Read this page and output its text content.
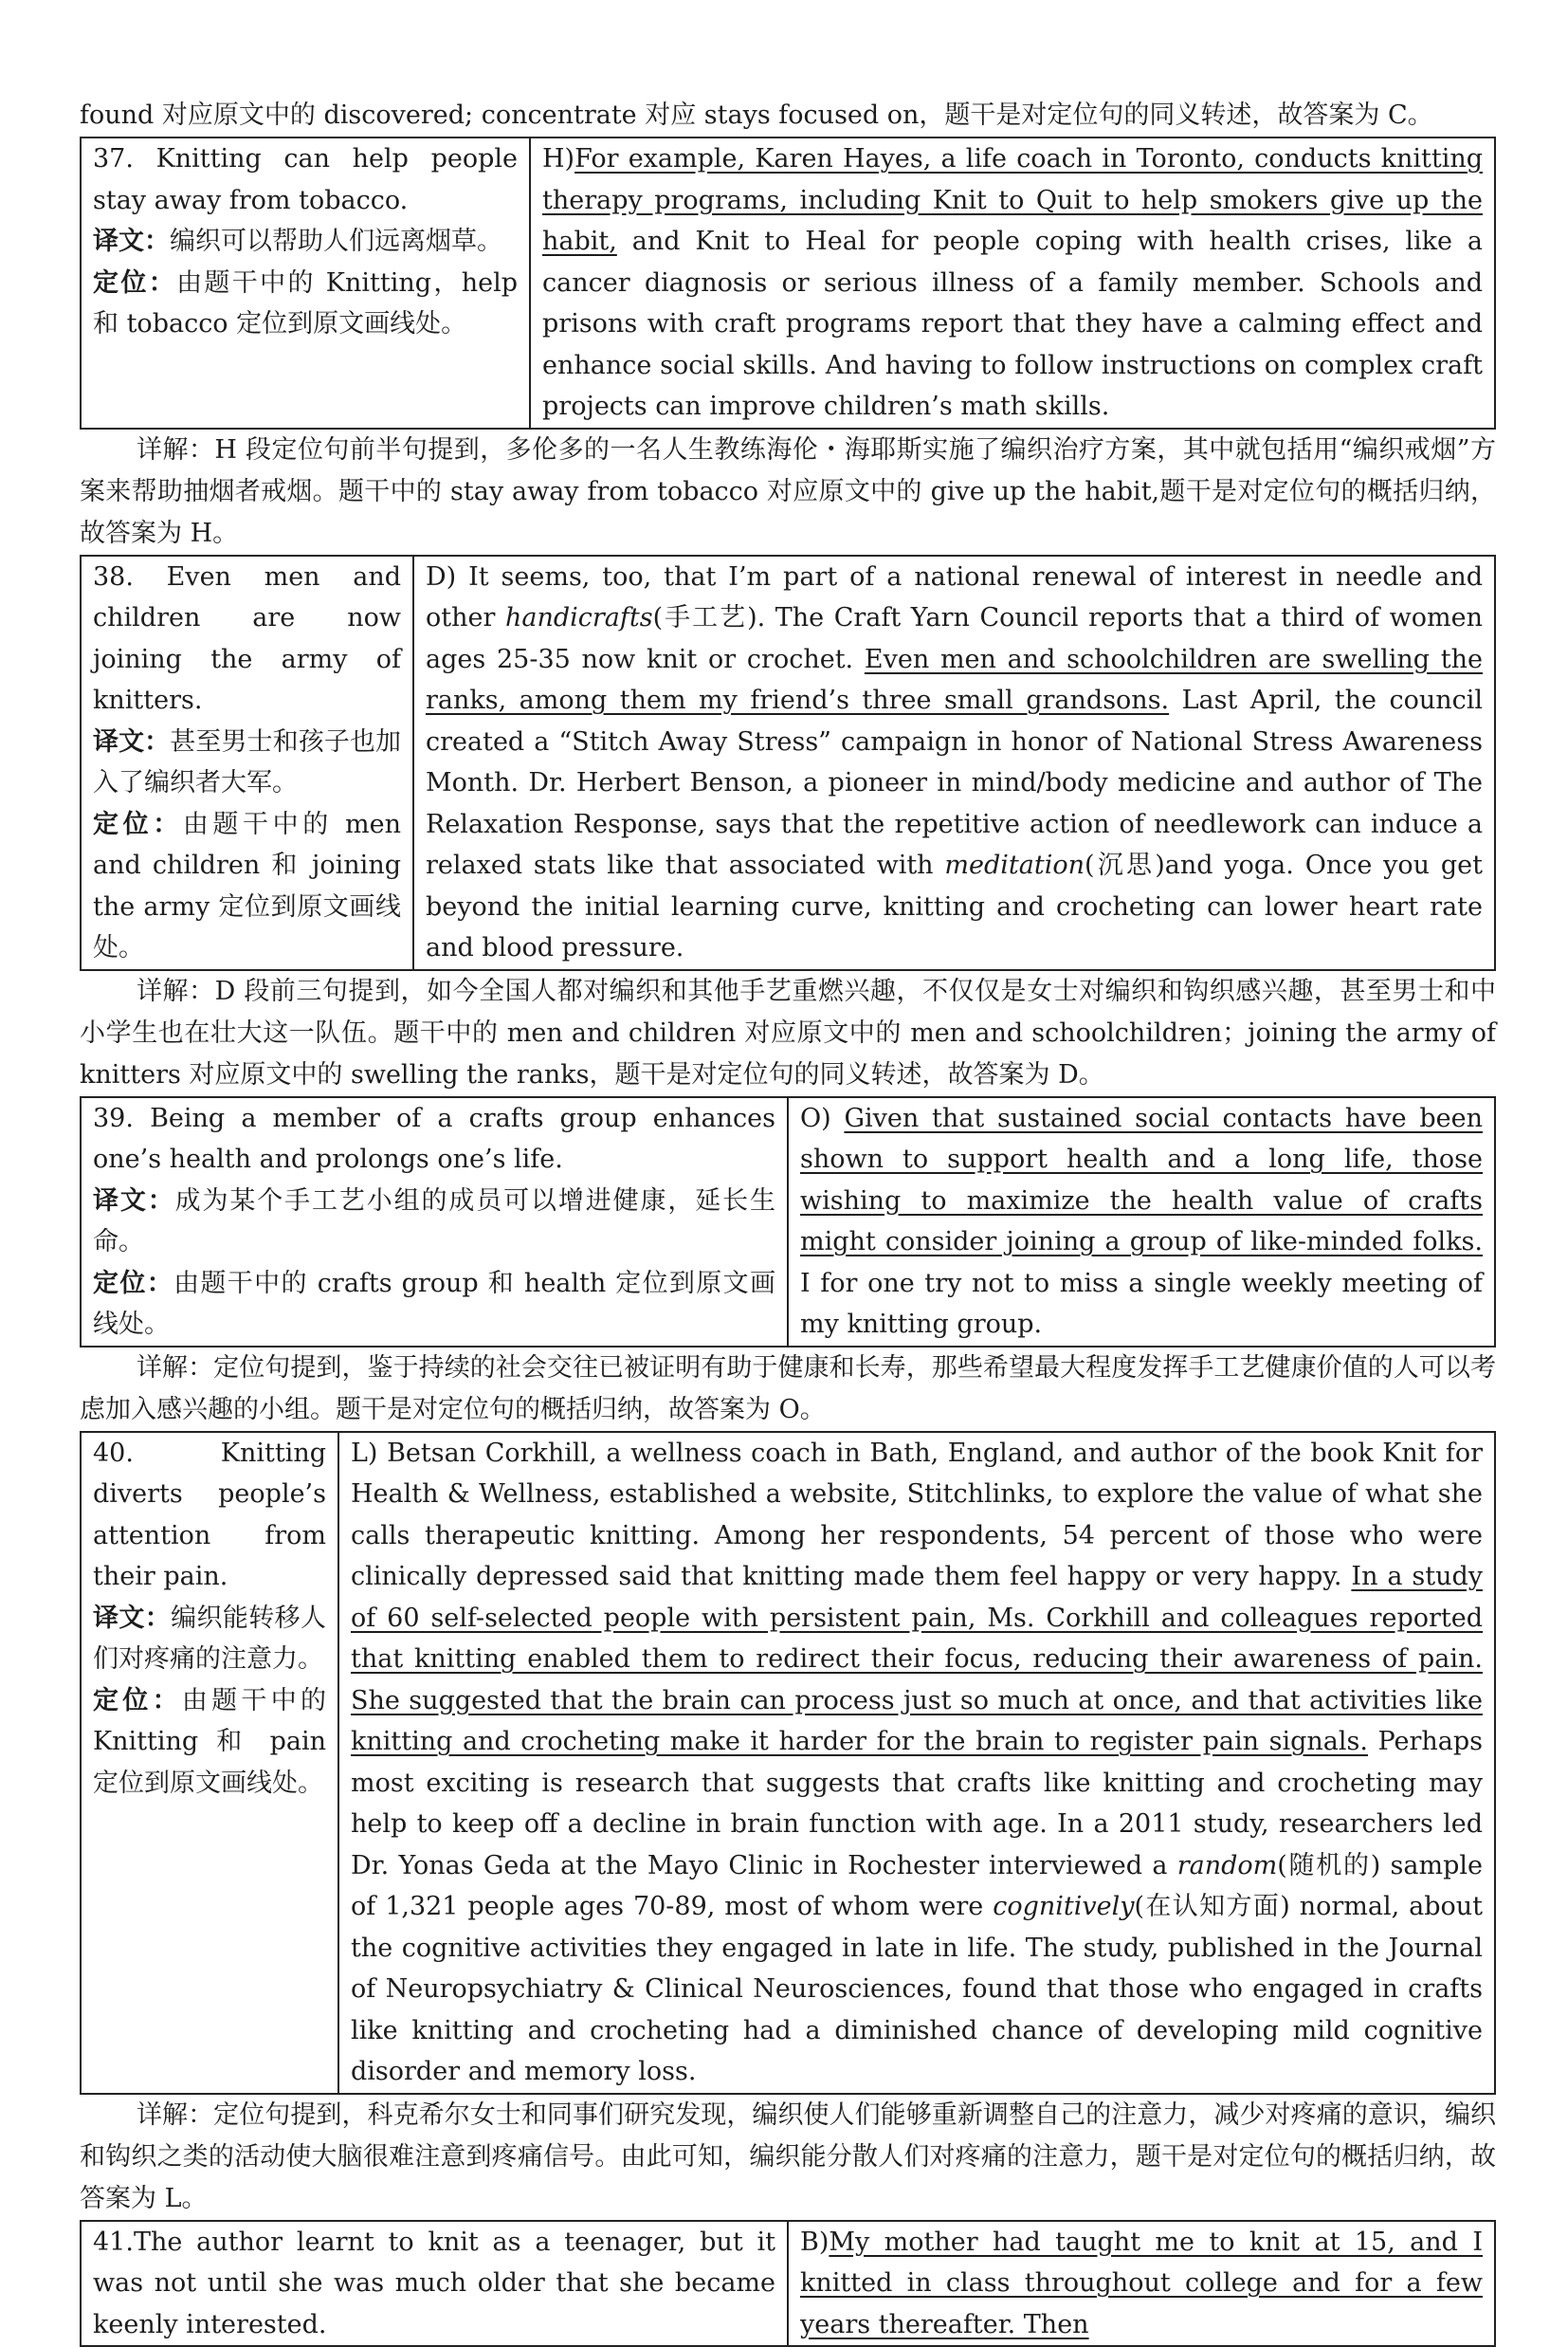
found 对应原文中的 discovered; concentrate 对应 stays focused on，题干是对定位句的同义转述，故答案为 C。
37. Knitting can help people stay away from tobacco.
译文：编织可以帮助人们远离烟草。
定位：由题干中的 Knitting，help 和 tobacco 定位到原文画线处。
	H)For example, Karen Hayes, a life coach in Toronto, conducts knitting therapy programs, including Knit to Quit to help smokers give up the habit, and Knit to Heal for people coping with health crises, like a cancer diagnosis or serious illness of a family member. Schools and prisons with craft programs report that they have a calming effect and enhance social skills. And having to follow instructions on complex craft projects can improve children’s math skills.
详解：H 段定位句前半句提到，多伦多的一名人生教练海伦・海耶斯实施了编织治疗方案，其中就包括用“编织戒烟”方案来帮助抽烟者戒烟。题干中的 stay away from tobacco 对应原文中的 give up the habit,题干是对定位句的概括归纳，故答案为 H。
38. Even men and children are now joining the army of knitters.
译文：甚至男士和孩子也加入了编织者大军。
定位：由题干中的 men and children 和 joining the army 定位到原文画线处。
	D) It seems, too, that I’m part of a national renewal of interest in needle and other handicrafts(手工艺). The Craft Yarn Council reports that a third of women ages 25-35 now knit or crochet. Even men and schoolchildren are swelling the ranks, among them my friend’s three small grandsons. Last April, the council created a “Stitch Away Stress” campaign in honor of National Stress Awareness Month. Dr. Herbert Benson, a pioneer in mind/body medicine and author of The Relaxation Response, says that the repetitive action of needlework can induce a relaxed stats like that associated with meditation(沉思)and yoga. Once you get beyond the initial learning curve, knitting and crocheting can lower heart rate and blood pressure.
详解：D 段前三句提到，如今全国人都对编织和其他手艺重燃兴趣，不仅仅是女士对编织和钩织感兴趣，甚至男士和中小学生也在壮大这一队伍。题干中的 men and children 对应原文中的 men and schoolchildren；joining the army of knitters 对应原文中的 swelling the ranks，题干是对定位句的同义转述，故答案为 D。
39. Being a member of a crafts group enhances one’s health and prolongs one’s life.
译文：成为某个手工艺小组的成员可以增进健康，延长生命。
定位：由题干中的 crafts group 和 health 定位到原文画线处。
	O) Given that sustained social contacts have been shown to support health and a long life, those wishing to maximize the health value of crafts might consider joining a group of like-minded folks. I for one try not to miss a single weekly meeting of my knitting group.
详解：定位句提到，鉴于持续的社会交往已被证明有助于健康和长寿，那些希望最大程度发挥手工艺健康价值的人可以考虑加入感兴趣的小组。题干是对定位句的概括归纳，故答案为 O。
40. Knitting diverts people’s attention from their pain.
译文：编织能转移人们对疼痛的注意力。
定位：由题干中的 Knitting 和 pain 定位到原文画线处。
	L) Betsan Corkhill, a wellness coach in Bath, England, and author of the book Knit for Health & Wellness, established a website, Stitchlinks, to explore the value of what she calls therapeutic knitting. Among her respondents, 54 percent of those who were clinically depressed said that knitting made them feel happy or very happy. In a study of 60 self-selected people with persistent pain, Ms. Corkhill and colleagues reported that knitting enabled them to redirect their focus, reducing their awareness of pain. She suggested that the brain can process just so much at once, and that activities like knitting and crocheting make it harder for the brain to register pain signals. Perhaps most exciting is research that suggests that crafts like knitting and crocheting may help to keep off a decline in brain function with age. In a 2011 study, researchers led Dr. Yonas Geda at the Mayo Clinic in Rochester interviewed a random(随机的) sample of 1,321 people ages 70-89, most of whom were cognitively(在认知方面) normal, about the cognitive activities they engaged in late in life. The study, published in the Journal of Neuropsychiatry & Clinical Neurosciences, found that those who engaged in crafts like knitting and crocheting had a diminished chance of developing mild cognitive disorder and memory loss.
详解：定位句提到，科克希尔女士和同事们研究发现，编织使人们能够重新调整自己的注意力，减少对疼痛的意识，编织和钩织之类的活动使大脑很难注意到疼痛信号。由此可知，编织能分散人们对疼痛的注意力，题干是对定位句的概括归纳，故答案为 L。
41.The author learnt to knit as a teenager, but it was not until she was much older that she became keenly interested.
	B)My mother had taught me to knit at 15, and I knitted in class throughout college and for a few years thereafter. Then
